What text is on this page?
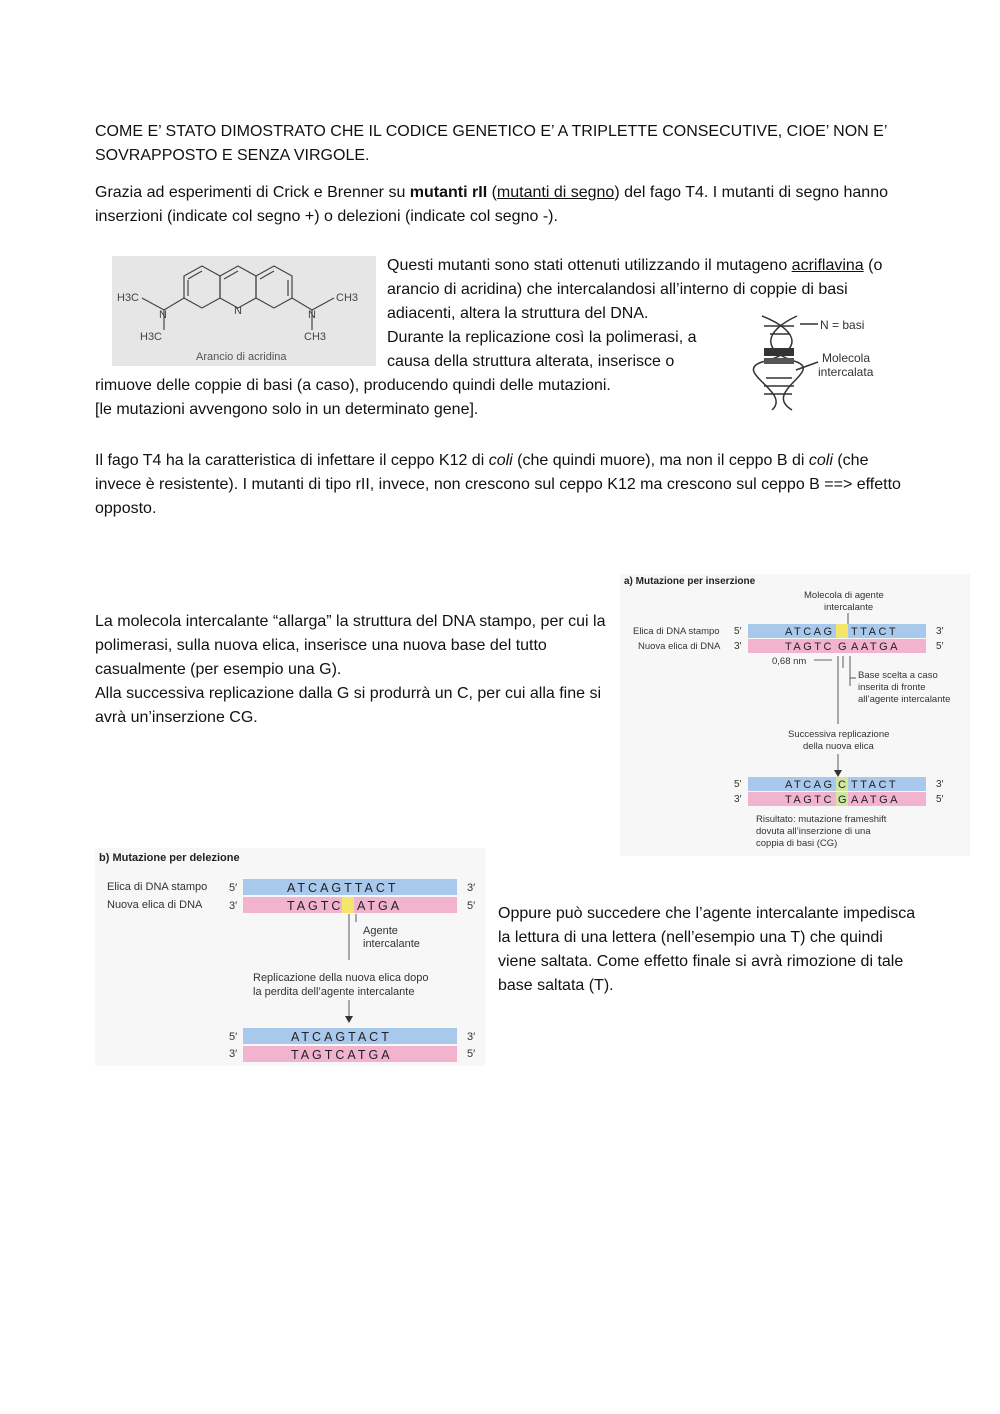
COME E’ STATO DIMOSTRATO CHE IL CODICE GENETICO E’ A TRIPLETTE CONSECUTIVE, CIOE’ NON E’
SOVRAPPOSTO E SENZA VIRGOLE.

Grazia ad esperimenti di Crick e Brenner su mutanti rII (mutanti di segno) del fago T4. I mutanti di segno hanno inserzioni (indicate col segno +) o delezioni (indicate col segno -).

N
N	N
H3C
H3C
CH3
CH3
Arancio di acridina

Questi mutanti sono stati ottenuti utilizzando il mutageno acriflavina (o arancio di acridina) che intercalandosi all’interno di coppie di basi adiacenti, altera la struttura del DNA.

Durante la replicazione così la polimerasi, a causa della struttura alterata, inserisce o

rimuove delle coppie di basi (a caso), producendo quindi delle mutazioni.
[le mutazioni avvengono solo in un determinato gene].

N = basi
Molecola
intercalata

Il fago T4 ha la caratteristica di infettare il ceppo K12 di coli (che quindi muore), ma non il ceppo B di coli (che invece è resistente). I mutanti di tipo rII, invece, non crescono sul ceppo K12 ma crescono sul ceppo B ==> effetto opposto.

La molecola intercalante “allarga” la struttura del DNA stampo, per cui la polimerasi, sulla nuova elica, inserisce una nuova base del tutto casualmente (per esempio una G).
Alla successiva replicazione dalla G si produrrà un C, per cui alla fine si avrà un’inserzione CG.

a) Mutazione per inserzione
Molecola di agente
intercalante
Elica di DNA stampo 5′	ATCAG TTACT	3′
Nuova elica di DNA 3′	TAGTC G AATGA	5′
0,68 nm
Base scelta a caso
inserita di fronte
all’agente intercalante
Successiva replicazione
della nuova elica
5′	ATCAG C TTACT	3′
3′	TAGTC G AATGA	5′
Risultato: mutazione frameshift
dovuta all’inserzione di una
coppia di basi (CG)
b) Mutazione per delezione
Elica di DNA stampo 5′	ATCAGTTACT	3′
Nuova elica di DNA 3′	TAGTC ATGA	5′
Agente
intercalante
Replicazione della nuova elica dopo
la perdita dell’agente intercalante
5′	ATCAGTACT	3′
3′	TAGTCATGA	5′

Oppure può succedere che l’agente intercalante impedisca la lettura di una lettera (nell’esempio una T) che quindi viene saltata. Come effetto finale si avrà rimozione di tale base saltata (T).
